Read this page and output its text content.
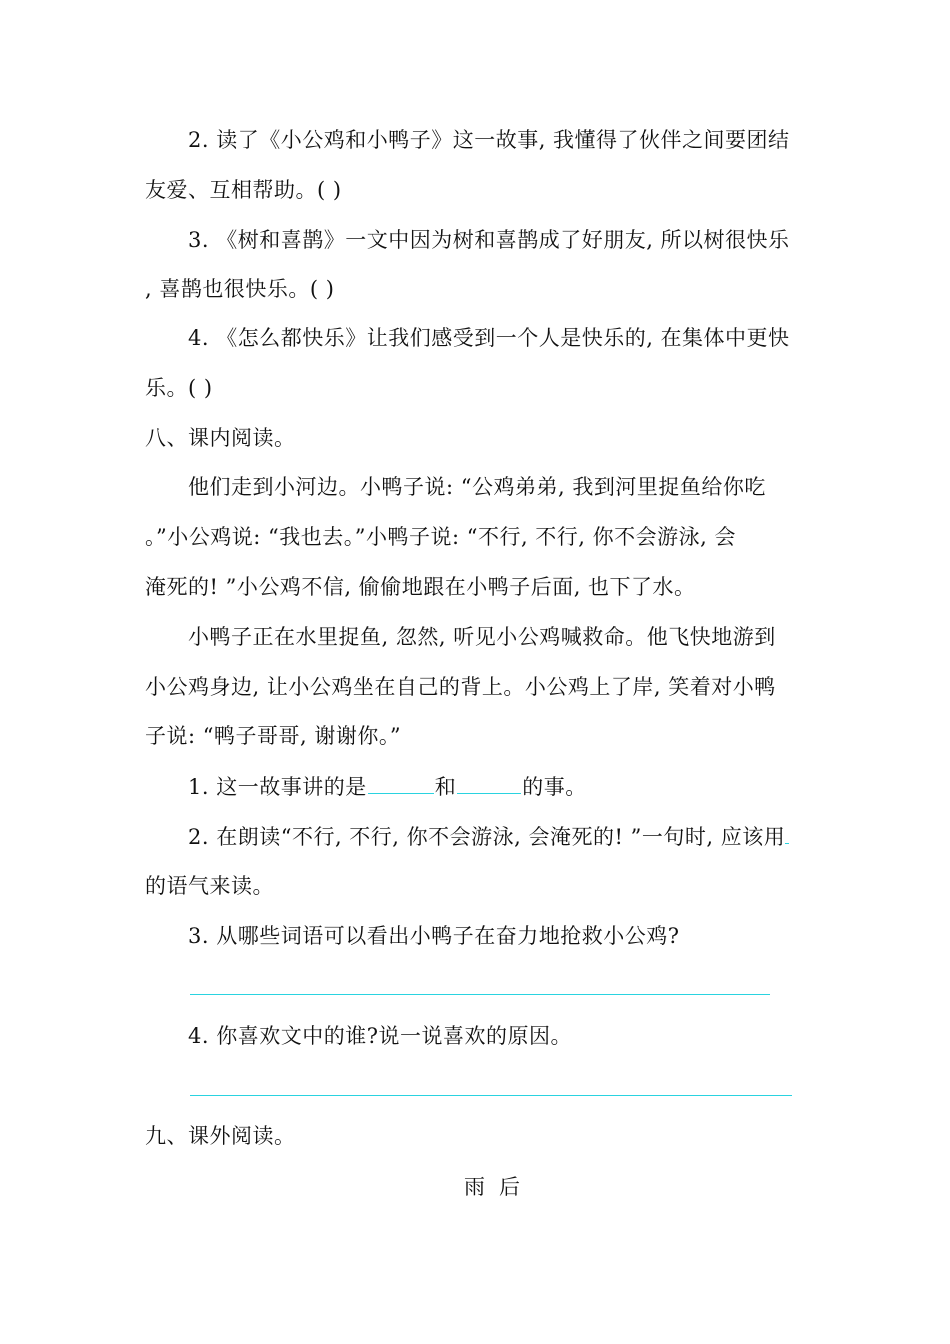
2. 读了《小公鸡和小鸭子》这一故事, 我懂得了伙伴之间要团结
友爱、互相帮助。( )
3. 《树和喜鹊》一文中因为树和喜鹊成了好朋友, 所以树很快乐
, 喜鹊也很快乐。( )
4. 《怎么都快乐》让我们感受到一个人是快乐的, 在集体中更快
乐。( )
八、课内阅读。
他们走到小河边。小鸭子说: “公鸡弟弟, 我到河里捉鱼给你吃
。”小公鸡说: “我也去。”小鸭子说: “不行, 不行, 你不会游泳, 会
淹死的! ”小公鸡不信, 偷偷地跟在小鸭子后面, 也下了水。
小鸭子正在水里捉鱼, 忽然, 听见小公鸡喊救命。他飞快地游到
小公鸡身边, 让小公鸡坐在自己的背上。小公鸡上了岸, 笑着对小鸭
子说: “鸭子哥哥, 谢谢你。”
1. 这一故事讲的是	和	的事。
2. 在朗读“不行, 不行, 你不会游泳, 会淹死的! ”一句时, 应该用
的语气来读。
3. 从哪些词语可以看出小鸭子在奋力地抢救小公鸡?
4. 你喜欢文中的谁?说一说喜欢的原因。
九、课外阅读。
雨后
